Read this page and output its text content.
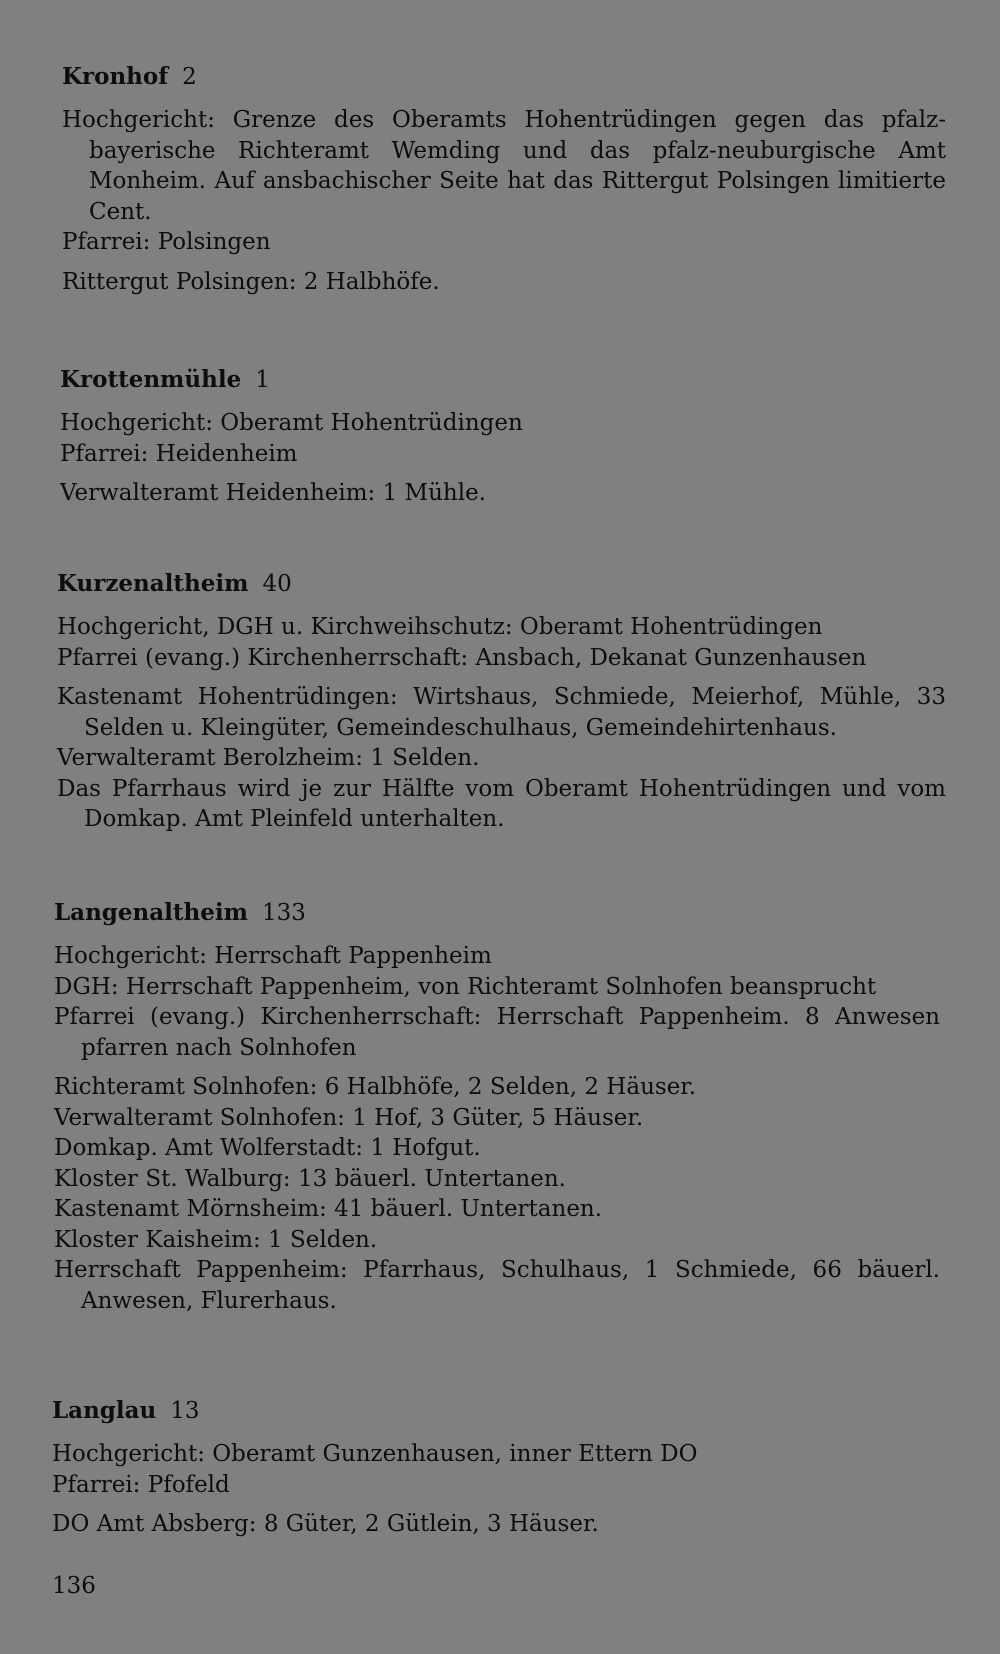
Kronhof 2
Hochgericht: Grenze des Oberamts Hohentrüdingen gegen das pfalz-bayerische Richteramt Wemding und das pfalz-neuburgische Amt Monheim. Auf ansbachischer Seite hat das Rittergut Polsingen limitierte Cent.
Pfarrei: Polsingen
Rittergut Polsingen: 2 Halbhöfe.
Krottenmühle 1
Hochgericht: Oberamt Hohentrüdingen
Pfarrei: Heidenheim
Verwalteramt Heidenheim: 1 Mühle.
Kurzenaltheim 40
Hochgericht, DGH u. Kirchweihschutz: Oberamt Hohentrüdingen
Pfarrei (evang.) Kirchenherrschaft: Ansbach, Dekanat Gunzenhausen
Kastenamt Hohentrüdingen: Wirtshaus, Schmiede, Meierhof, Mühle, 33 Selden u. Kleingüter, Gemeindeschulhaus, Gemeindehirtenhaus.
Verwalteramt Berolzheim: 1 Selden.
Das Pfarrhaus wird je zur Hälfte vom Oberamt Hohentrüdingen und vom Domkap. Amt Pleinfeld unterhalten.
Langenaltheim 133
Hochgericht: Herrschaft Pappenheim
DGH: Herrschaft Pappenheim, von Richteramt Solnhofen beansprucht
Pfarrei (evang.) Kirchenherrschaft: Herrschaft Pappenheim. 8 Anwesen pfarren nach Solnhofen
Richteramt Solnhofen: 6 Halbhöfe, 2 Selden, 2 Häuser.
Verwalteramt Solnhofen: 1 Hof, 3 Güter, 5 Häuser.
Domkap. Amt Wolferstadt: 1 Hofgut.
Kloster St. Walburg: 13 bäuerl. Untertanen.
Kastenamt Mörnsheim: 41 bäuerl. Untertanen.
Kloster Kaisheim: 1 Selden.
Herrschaft Pappenheim: Pfarrhaus, Schulhaus, 1 Schmiede, 66 bäuerl. Anwesen, Flurerhaus.
Langlau 13
Hochgericht: Oberamt Gunzenhausen, inner Ettern DO
Pfarrei: Pfofeld
DO Amt Absberg: 8 Güter, 2 Gütlein, 3 Häuser.
136
